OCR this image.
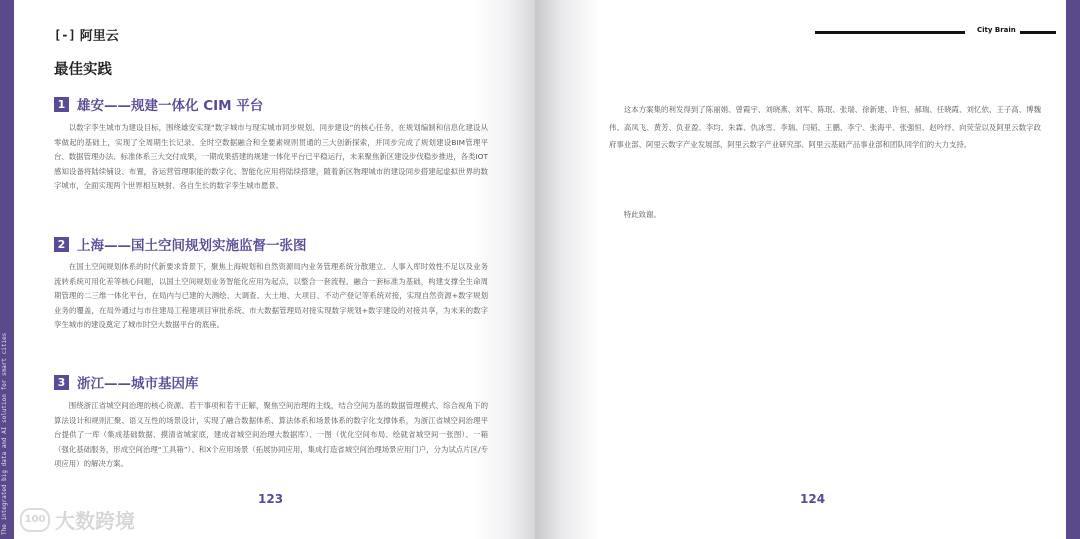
The integrated big data and AI solution for smart cities
[-] 阿里云
最佳实践
1 雄安——规建一体化 CIM 平台
以数字孪生城市为建设目标，围绕雄安实现“数字城市与现实城市同步规划、同步建设”的核心任务，在规划编制和信息化建设从零做起的基础上，实现了全周期生长记录、全时空数据融合和全要素规则贯通的三大创新探索，并同步完成了规划建设BIM管理平台、数据管理办法、标准体系三大交付成果，一期成果搭建的规建一体化平台已平稳运行，未来聚焦新区建设步伐稳步推进，各类IOT感知设备将陆续铺设、布置，各运营管理职能的数字化、智能化应用将陆续搭建，随着新区物理城市的建设同步搭建起虚拟世界的数字城市，全面实现两个世界相互映射、各自生长的数字孪生城市愿景。
2 上海——国土空间规划实施监督一张图
在国土空间规划体系的时代新要求背景下，聚焦上海规划和自然资源局内业务管理系统分散建立、人事入库时效性不足以及业务流转系统可用化差等核心问题，以国土空间规划业务智能化应用为起点，以整合一套流程、融合一套标准为基础，构建支撑全生命周期管理的二三维一体化平台，在局内与已建的大测绘、大调查、大土地、大项目、不动产登记等系统对接，实现自然资源+数字规划业务的覆盖，在局外通过与市住建局工程建项目审批系统、市大数据管理局对接实现数字规划+数字建设的对接共享，为未来的数字孪生城市的建设奠定了城市时空大数据平台的底座。
3 浙江——城市基因库
围绕浙江省城空间治理的核心资源、若干事项和若干正解，聚焦空间治理的主线，结合空间为基的数据管理模式、综合视角下的算法设计和规则汇聚、语义互性的场景设计，实现了融合数据体系、算法体系和场景体系的数字化支撑体系，为浙江省城空间治理平台提供了一库（集成基础数据、摸清省城家底，建成省城空间治理大数据库）、一图（优化空间布局、绘就省城空间一张图）、一箱（强化基础服务，形成空间治理“工具箱”）、和X个应用场景（拓展协同应用，集成打造省城空间治理场景应用门户，分为试点片区/专项应用）的解决方案。
123
100 大数跨境
City Brain
这本方案集的利发得到了陈丽娟、曾霞宇、刘晓燕、刘军、陈珉、张瑞、徐新建、许恒、郝瑞、任晓霞、刘忆依、王子高、博魏伟、高凤飞、黄芳、负亚盈、李均、朱霖、仇冰雪、李瑞、闫韬、王鹏、李宁、张海平、张强恒、赵吟纾、向荧莹以及阿里云数字政府事业部、阿里云数字产业发展部、阿里云数字产业研究部、阿里云基础产品事业部和团队同学们的大力支持。
特此致谢。
124
